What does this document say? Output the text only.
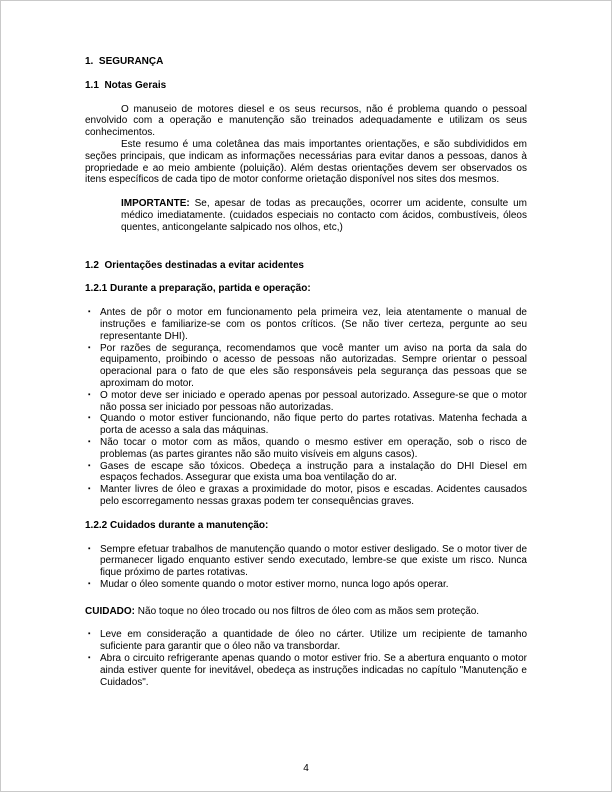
1.  SEGURANÇA
1.1  Notas Gerais

O manuseio de motores diesel e os seus recursos, não é problema quando o pessoal envolvido com a operação e manutenção são treinados adequadamente e utilizam os seus conhecimentos.

Este resumo é uma coletânea das mais importantes orientações, e são subdivididos em seções principais, que indicam as informações necessárias para evitar danos a pessoas, danos à propriedade e ao meio ambiente (poluição). Além destas orientações devem ser observados os itens específicos de cada tipo de motor conforme orietação disponível nos sites dos mesmos.

IMPORTANTE: Se, apesar de todas as precauções, ocorrer um acidente, consulte um médico imediatamente. (cuidados especiais no contacto com ácidos, combustíveis, óleos quentes, anticongelante salpicado nos olhos, etc,)

1.2  Orientações destinadas a evitar acidentes
1.2.1 Durante a preparação, partida e operação:
▪ Antes de pôr o motor em funcionamento pela primeira vez, leia atentamente o manual de instruções e familiarize-se com os pontos críticos. (Se não tiver certeza, pergunte ao seu representante DHI).
▪ Por razões de segurança, recomendamos que você manter um aviso na porta da sala do equipamento, proibindo o acesso de pessoas não autorizadas. Sempre orientar o pessoal operacional para o fato de que eles são responsáveis pela segurança das pessoas que se aproximam do motor.
▪ O motor deve ser iniciado e operado apenas por pessoal autorizado. Assegure-se que o motor não possa ser iniciado por pessoas não autorizadas.
▪ Quando o motor estiver funcionando, não fique perto do partes rotativas. Matenha fechada a porta de acesso a sala das máquinas.
▪ Não tocar o motor com as mãos, quando o mesmo estiver em operação, sob o risco de problemas (as partes girantes não são muito visíveis em alguns casos).
▪ Gases de escape são tóxicos. Obedeça a instrução para a instalação do DHI Diesel em espaços fechados. Assegurar que exista uma boa ventilação do ar.
▪ Manter livres de óleo e graxas a proximidade do motor, pisos e escadas. Acidentes causados pelo escorregamento nessas graxas podem ter consequências graves.
1.2.2 Cuidados durante a manutenção:
▪ Sempre efetuar trabalhos de manutenção quando o motor estiver desligado. Se o motor tiver de permanecer ligado enquanto estiver sendo executado, lembre-se que existe um risco. Nunca fique próximo de partes rotativas.
▪ Mudar o óleo somente quando o motor estiver morno, nunca logo após operar.

CUIDADO: Não toque no óleo trocado ou nos filtros de óleo com as mãos sem proteção.

▪ Leve em consideração a quantidade de óleo no cárter. Utilize um recipiente de tamanho suficiente para garantir que o óleo não va transbordar.
▪ Abra o circuito refrigerante apenas quando o motor estiver frio. Se a abertura enquanto o motor ainda estiver quente for inevitável, obedeça as instruções indicadas no capítulo "Manutenção e Cuidados".
4
